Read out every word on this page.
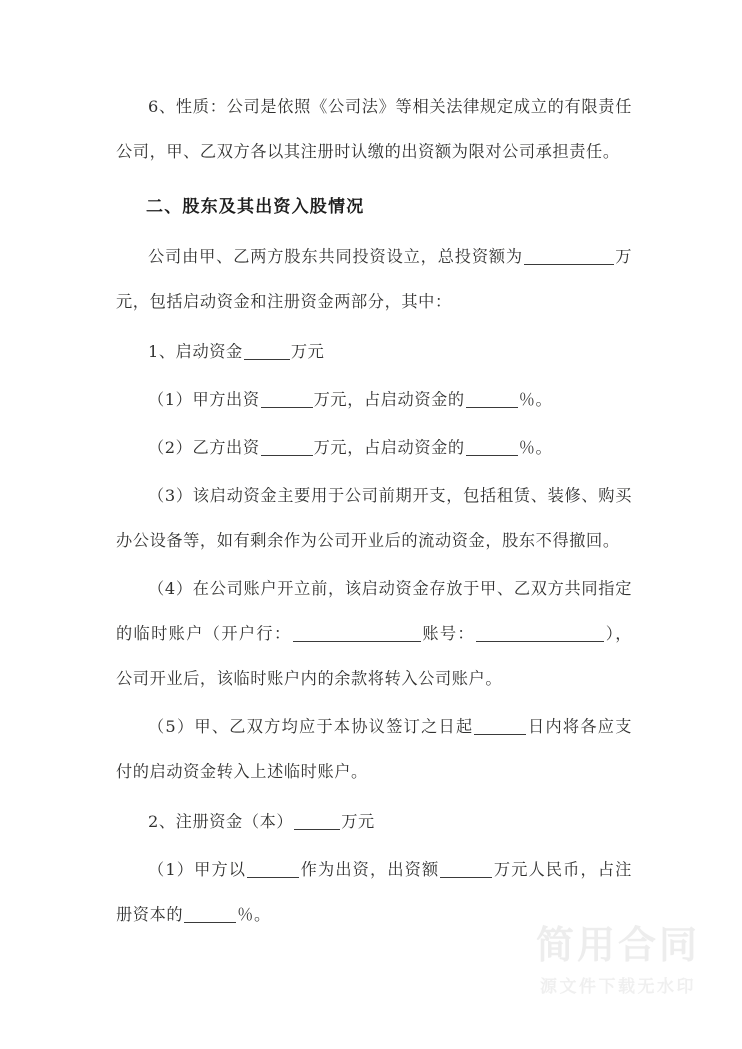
6、性质：公司是依照《公司法》等相关法律规定成立的有限责任公司，甲、乙双方各以其注册时认缴的出资额为限对公司承担责任。

二、股东及其出资入股情况

公司由甲、乙两方股东共同投资设立，总投资额为	万元，包括启动资金和注册资金两部分，其中：

1、启动资金	万元

（1）甲方出资	万元，占启动资金的	％。

（2）乙方出资	万元，占启动资金的	％。

（3）该启动资金主要用于公司前期开支，包括租赁、装修、购买办公设备等，如有剩余作为公司开业后的流动资金，股东不得撤回。

（4）在公司账户开立前，该启动资金存放于甲、乙双方共同指定的临时账户（开户行：	账号：	），公司开业后，该临时账户内的余款将转入公司账户。

（5）甲、乙双方均应于本协议签订之日起	日内将各应支付的启动资金转入上述临时账户。

2、注册资金（本）	万元

（1）甲方以	作为出资，出资额	万元人民币，占注册资本的	％。

简用合同
源文件下载无水印
